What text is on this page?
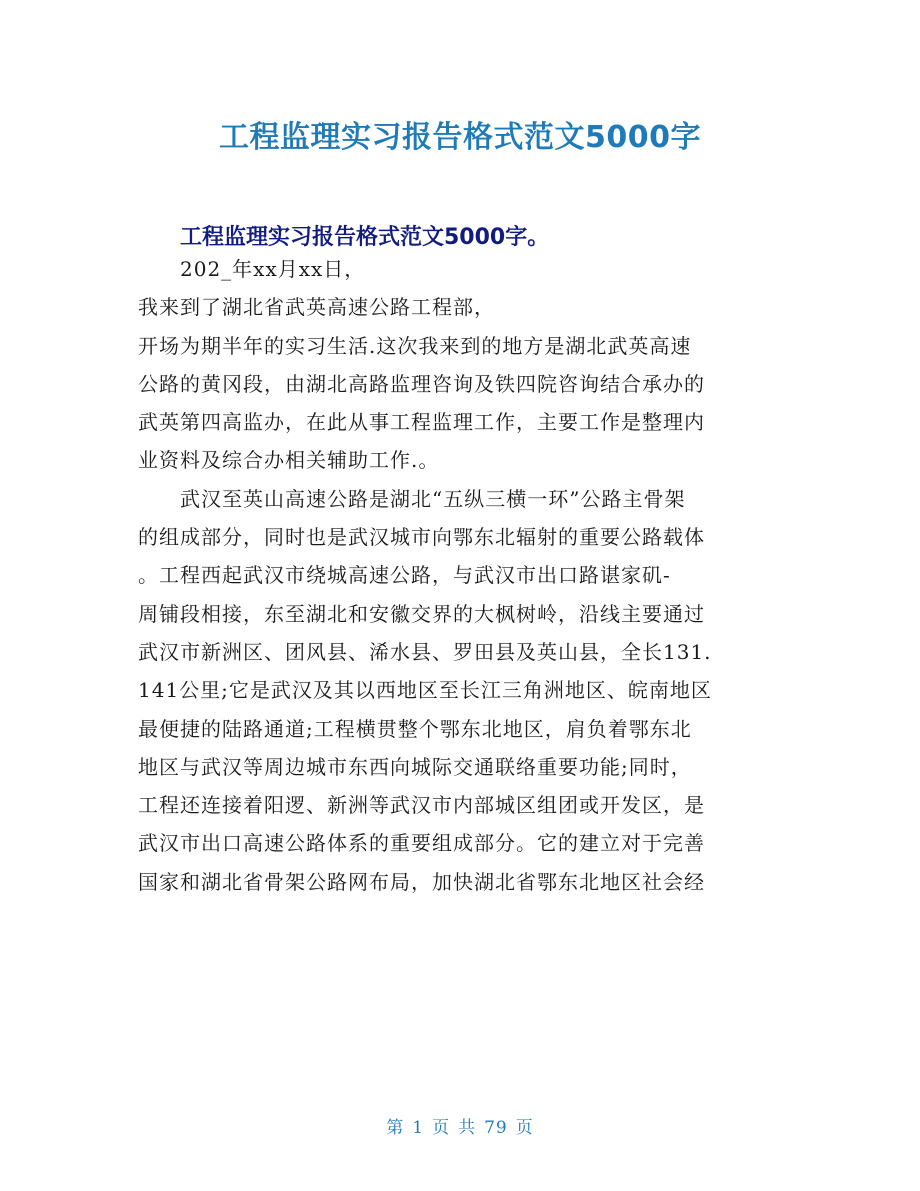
工程监理实习报告格式范文5000字
工程监理实习报告格式范文5000字。
202_年xx月xx日，
我来到了湖北省武英高速公路工程部，
开场为期半年的实习生活.这次我来到的地方是湖北武英高速
公路的黄冈段，由湖北高路监理咨询及铁四院咨询结合承办的
武英第四高监办，在此从事工程监理工作，主要工作是整理内
业资料及综合办相关辅助工作.。
武汉至英山高速公路是湖北“五纵三横一环”公路主骨架
的组成部分，同时也是武汉城市向鄂东北辐射的重要公路载体
。工程西起武汉市绕城高速公路，与武汉市出口路谌家矶-
周铺段相接，东至湖北和安徽交界的大枫树岭，沿线主要通过
武汉市新洲区、团风县、浠水县、罗田县及英山县，全长131.
141公里;它是武汉及其以西地区至长江三角洲地区、皖南地区
最便捷的陆路通道;工程横贯整个鄂东北地区，肩负着鄂东北
地区与武汉等周边城市东西向城际交通联络重要功能;同时，
工程还连接着阳逻、新洲等武汉市内部城区组团或开发区，是
武汉市出口高速公路体系的重要组成部分。它的建立对于完善
国家和湖北省骨架公路网布局，加快湖北省鄂东北地区社会经
第 1 页 共 79 页
